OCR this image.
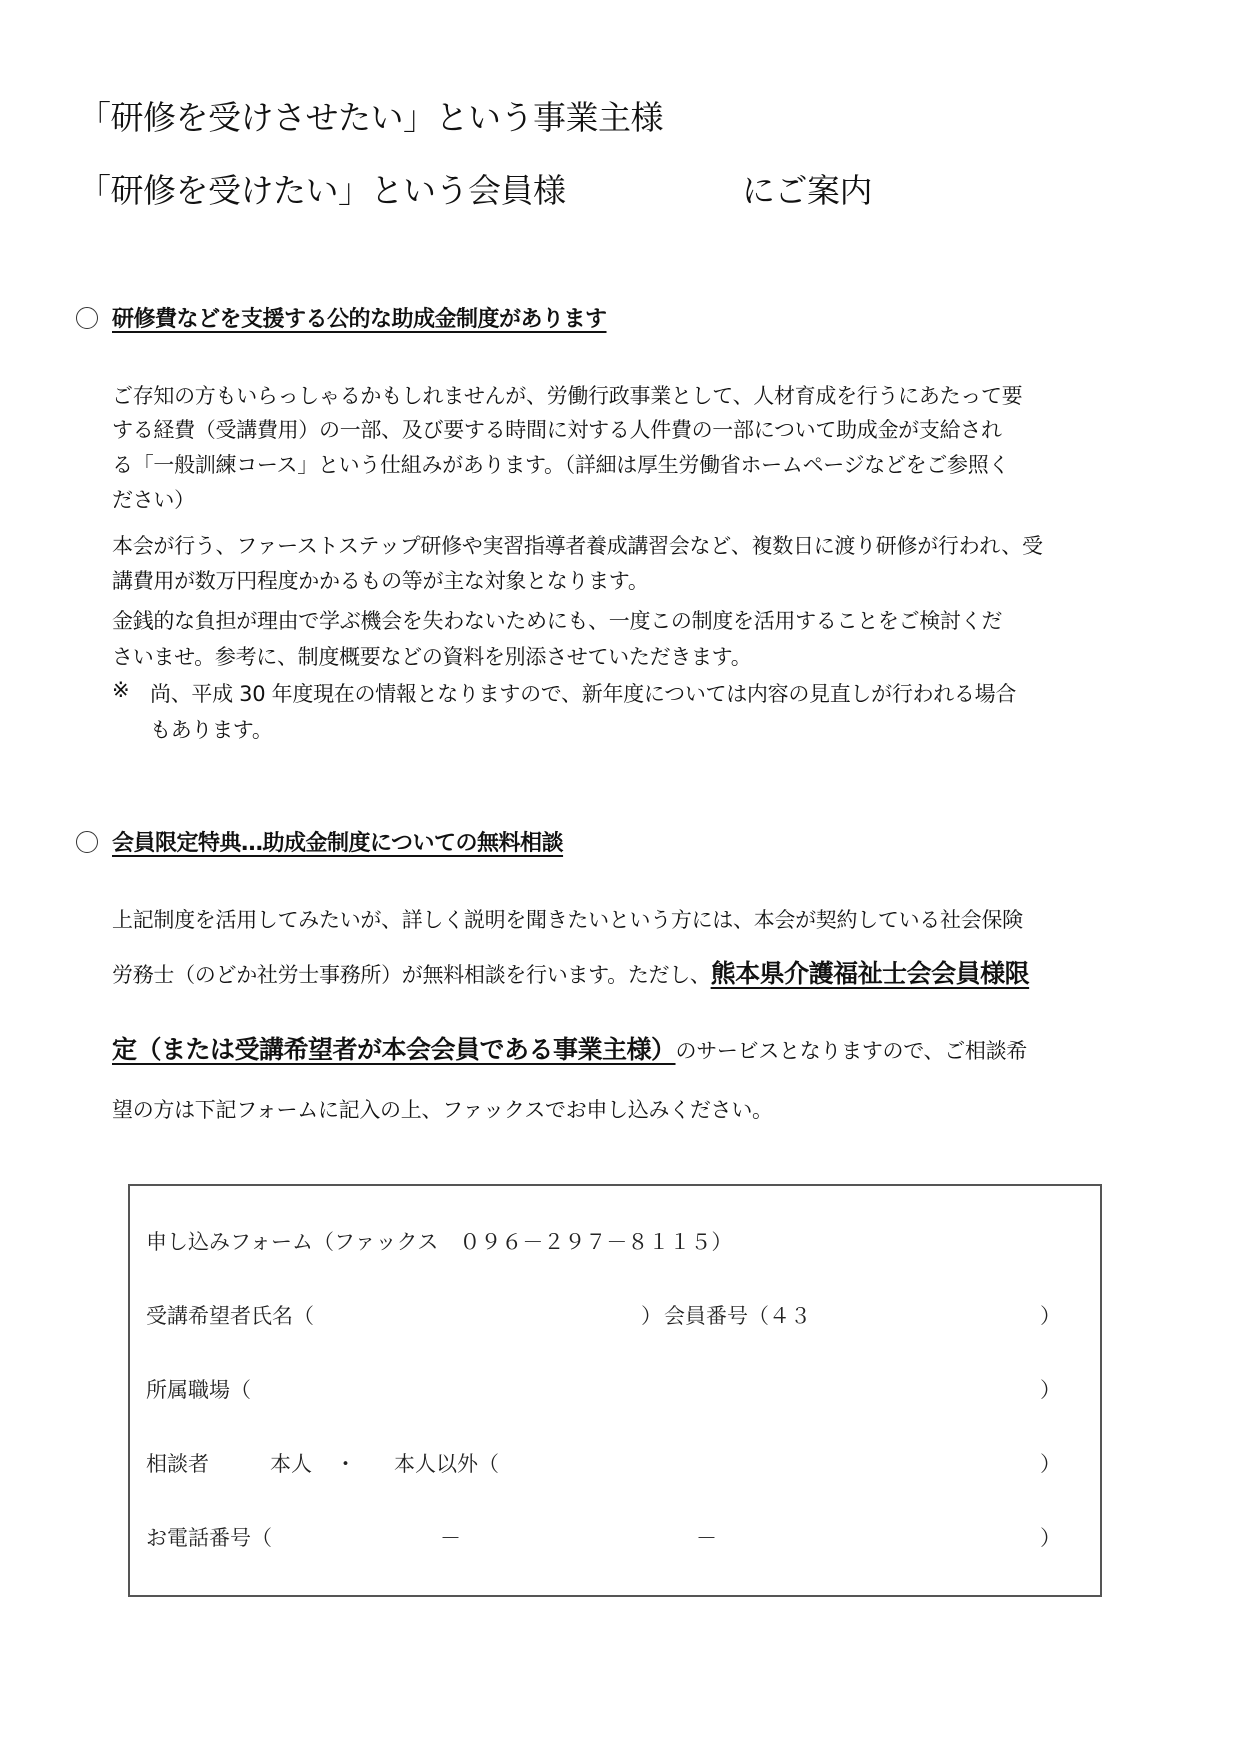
「研修を受けさせたい」という事業主様
「研修を受けたい」という会員様	にご案内
研修費などを支援する公的な助成金制度があります
ご存知の方もいらっしゃるかもしれませんが、労働行政事業として、人材育成を行うにあたって要
する経費（受講費用）の一部、及び要する時間に対する人件費の一部について助成金が支給され
る「一般訓練コース」という仕組みがあります。（詳細は厚生労働省ホームページなどをご参照く
ださい）
本会が行う、ファーストステップ研修や実習指導者養成講習会など、複数日に渡り研修が行われ、受
講費用が数万円程度かかるもの等が主な対象となります。
金銭的な負担が理由で学ぶ機会を失わないためにも、一度この制度を活用することをご検討くだ
さいませ。参考に、制度概要などの資料を別添させていただきます。
※ 尚、平成 30 年度現在の情報となりますので、新年度については内容の見直しが行われる場合
もあります。
会員限定特典…助成金制度についての無料相談
上記制度を活用してみたいが、詳しく説明を聞きたいという方には、本会が契約している社会保険
労務士（のどか社労士事務所）が無料相談を行います。ただし、熊本県介護福祉士会会員様限
定（または受講希望者が本会会員である事業主様）のサービスとなりますので、ご相談希
望の方は下記フォームに記入の上、ファックスでお申し込みください。
申し込みフォーム（ファックス　０９６－２９７－８１１５）
受講希望者氏名（	） 会員番号（４３	）
所属職場（	）
相談者	本人 ・ 本人以外（	）
お電話番号（	－	－	）
